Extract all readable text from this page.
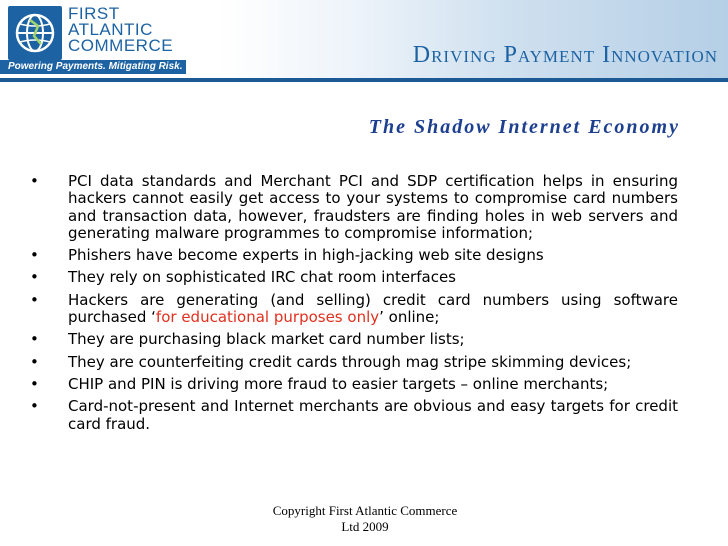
FIRST
ATLANTIC
COMMERCE
Powering Payments. Mitigating Risk.	Driving Payment Innovation
The Shadow Internet Economy
• PCI data standards and Merchant PCI and SDP certification helps in ensuring hackers cannot easily get access to your systems to compromise card numbers and transaction data, however, fraudsters are finding holes in web servers and generating malware programmes to compromise information;
• Phishers have become experts in high-jacking web site designs
• They rely on sophisticated IRC chat room interfaces
• Hackers are generating (and selling) credit card numbers using software purchased ‘for educational purposes only’ online;
• They are purchasing black market card number lists;
• They are counterfeiting credit cards through mag stripe skimming devices;
• CHIP and PIN is driving more fraud to easier targets – online merchants;
• Card-not-present and Internet merchants are obvious and easy targets for credit card fraud.
Copyright First Atlantic Commerce
Ltd 2009
